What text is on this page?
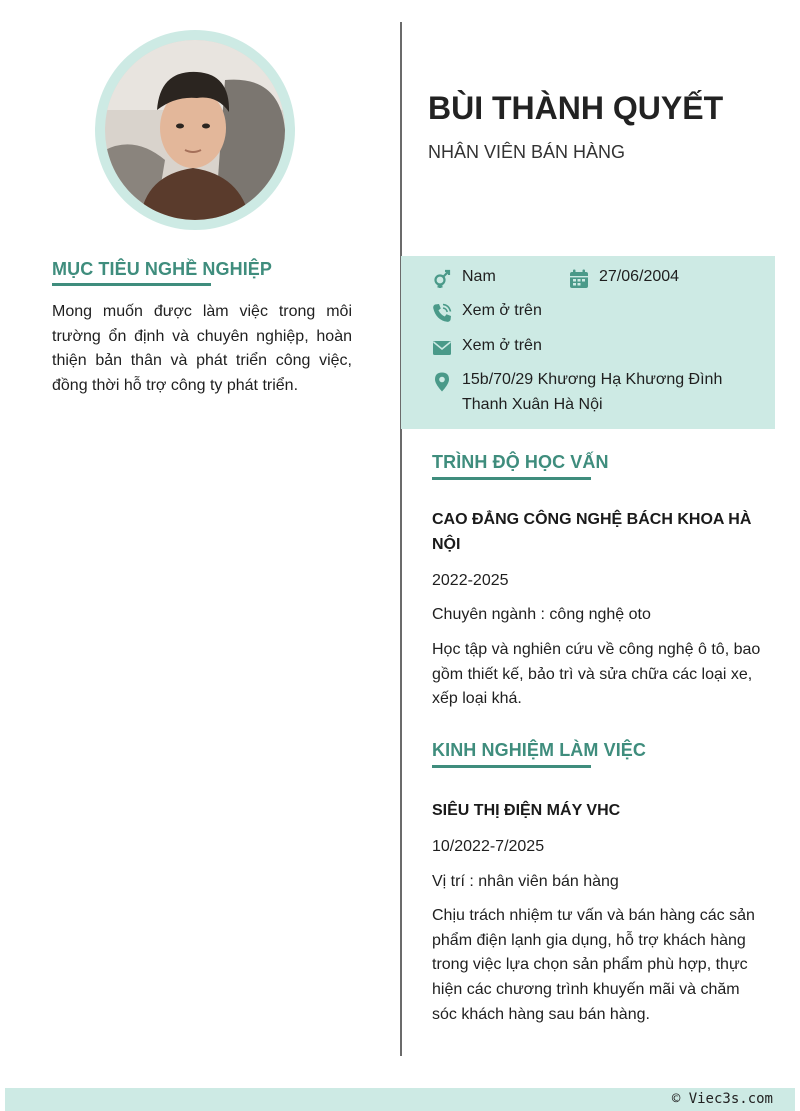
MỤC TIÊU NGHỀ NGHIỆP
Mong muốn được làm việc trong môi trường ổn định và chuyên nghiệp, hoàn thiện bản thân và phát triển công việc, đồng thời hỗ trợ công ty phát triển.
BÙI THÀNH QUYẾT
NHÂN VIÊN BÁN HÀNG
Nam	27/06/2004
Xem ở trên
Xem ở trên
15b/70/29 Khương Hạ Khương Đình Thanh Xuân Hà Nội
TRÌNH ĐỘ HỌC VẤN
CAO ĐẲNG CÔNG NGHỆ BÁCH KHOA HÀ NỘI
2022-2025
Chuyên ngành : công nghệ oto
Học tập và nghiên cứu về công nghệ ô tô, bao gồm thiết kế, bảo trì và sửa chữa các loại xe, xếp loại khá.
KINH NGHIỆM LÀM VIỆC
SIÊU THỊ ĐIỆN MÁY VHC
10/2022-7/2025
Vị trí : nhân viên bán hàng
Chịu trách nhiệm tư vấn và bán hàng các sản phẩm điện lạnh gia dụng, hỗ trợ khách hàng trong việc lựa chọn sản phẩm phù hợp, thực hiện các chương trình khuyến mãi và chăm sóc khách hàng sau bán hàng.
© Viec3s.com
